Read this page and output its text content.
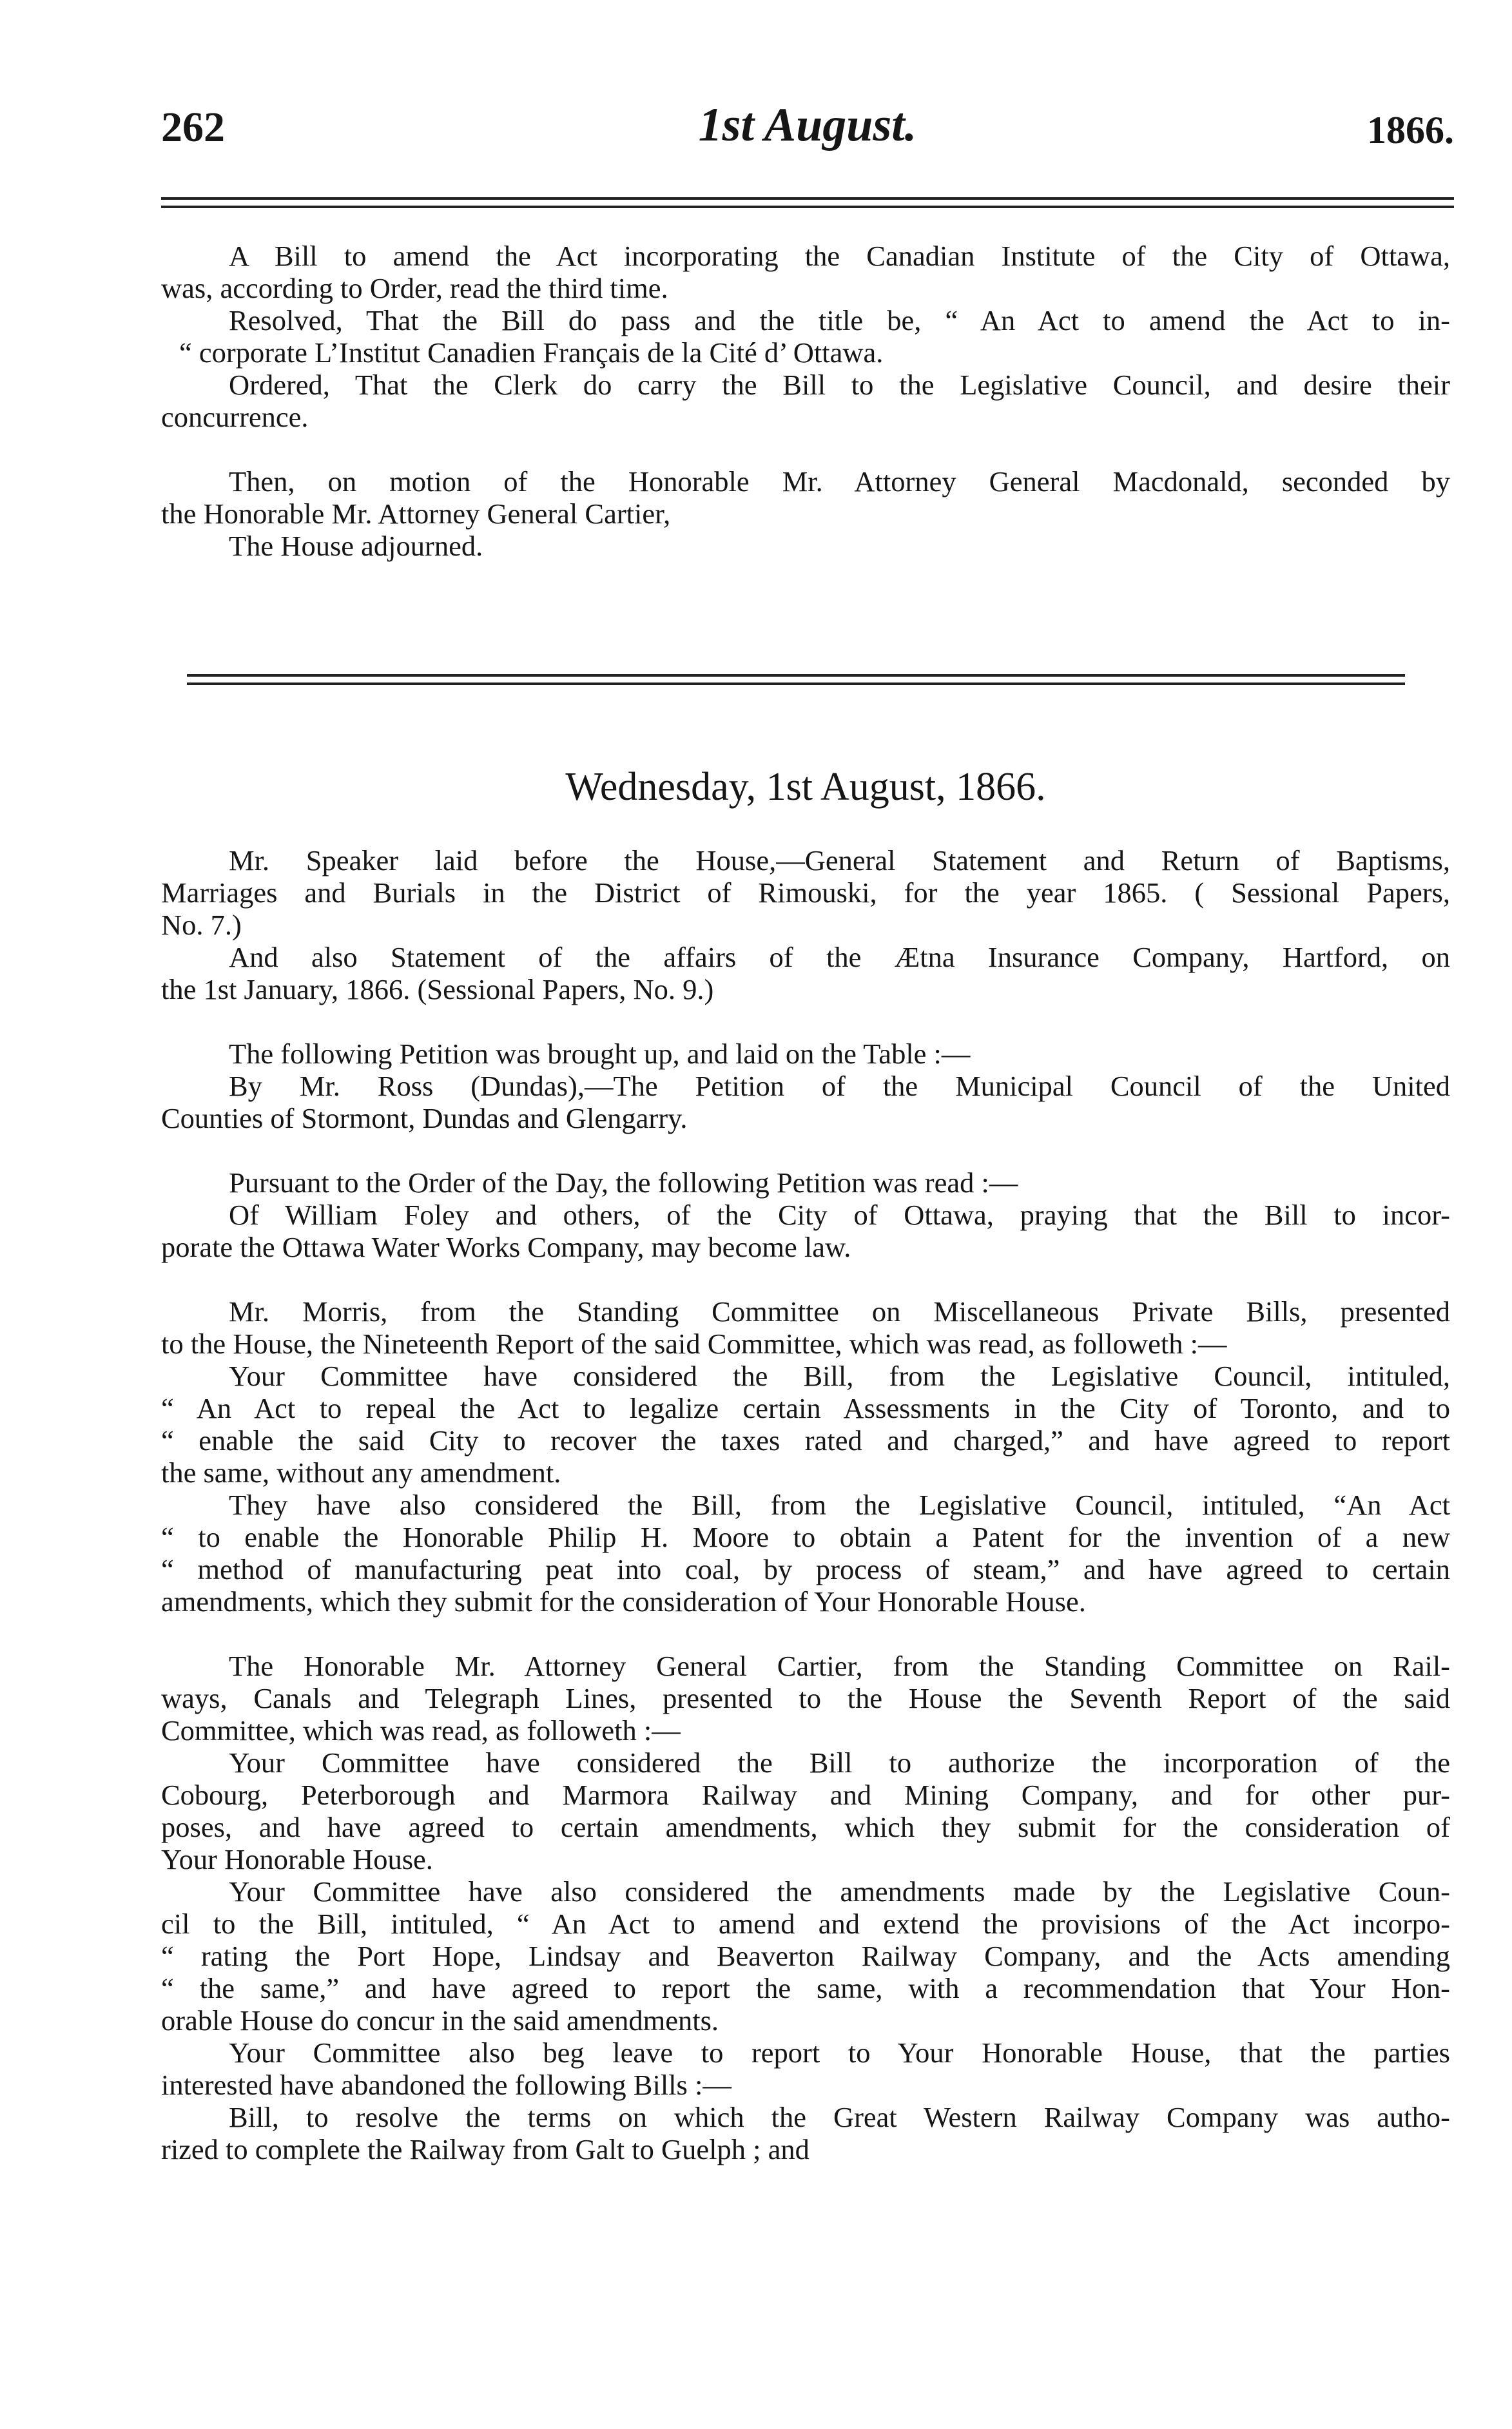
262	1st August.	1866.

A Bill to amend the Act incorporating the Canadian Institute of the City of Ottawa,
was, according to Order, read the third time.

Resolved, That the Bill do pass and the title be, “ An Act to amend the Act to in-
“ corporate L’Institut Canadien Français de la Cité d’ Ottawa.

Ordered, That the Clerk do carry the Bill to the Legislative Council, and desire their
concurrence.

Then, on motion of the Honorable Mr. Attorney General Macdonald, seconded by
the Honorable Mr. Attorney General Cartier,

The House adjourned.

Wednesday, 1st August, 1866.

Mr. Speaker laid before the House,—General Statement and Return of Baptisms,
Marriages and Burials in the District of Rimouski, for the year 1865. ( Sessional Papers,
No. 7.)

And also Statement of the affairs of the Ætna Insurance Company, Hartford, on
the 1st January, 1866. (Sessional Papers, No. 9.)

The following Petition was brought up, and laid on the Table :—

By Mr. Ross (Dundas),—The Petition of the Municipal Council of the United
Counties of Stormont, Dundas and Glengarry.

Pursuant to the Order of the Day, the following Petition was read :—

Of William Foley and others, of the City of Ottawa, praying that the Bill to incor-
porate the Ottawa Water Works Company, may become law.

Mr. Morris, from the Standing Committee on Miscellaneous Private Bills, presented
to the House, the Nineteenth Report of the said Committee, which was read, as followeth :—

Your Committee have considered the Bill, from the Legislative Council, intituled,
“ An Act to repeal the Act to legalize certain Assessments in the City of Toronto, and to
“ enable the said City to recover the taxes rated and charged,” and have agreed to report
the same, without any amendment.

They have also considered the Bill, from the Legislative Council, intituled, “An Act
“ to enable the Honorable Philip H. Moore to obtain a Patent for the invention of a new
“ method of manufacturing peat into coal, by process of steam,” and have agreed to certain
amendments, which they submit for the consideration of Your Honorable House.

The Honorable Mr. Attorney General Cartier, from the Standing Committee on Rail-
ways, Canals and Telegraph Lines, presented to the House the Seventh Report of the said
Committee, which was read, as followeth :—

Your Committee have considered the Bill to authorize the incorporation of the
Cobourg, Peterborough and Marmora Railway and Mining Company, and for other pur-
poses, and have agreed to certain amendments, which they submit for the consideration of
Your Honorable House.

Your Committee have also considered the amendments made by the Legislative Coun-
cil to the Bill, intituled, “ An Act to amend and extend the provisions of the Act incorpo-
“ rating the Port Hope, Lindsay and Beaverton Railway Company, and the Acts amending
“ the same,” and have agreed to report the same, with a recommendation that Your Hon-
orable House do concur in the said amendments.

Your Committee also beg leave to report to Your Honorable House, that the parties
interested have abandoned the following Bills :—

Bill, to resolve the terms on which the Great Western Railway Company was autho-
rized to complete the Railway from Galt to Guelph ; and
